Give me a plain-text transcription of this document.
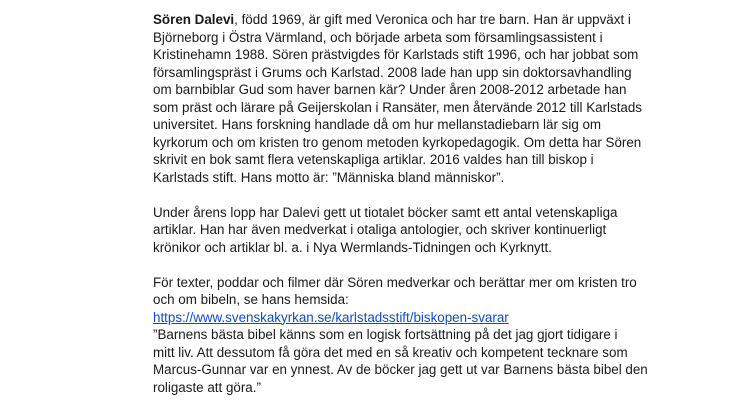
Sören Dalevi, född 1969, är gift med Veronica och har tre barn. Han är uppväxt i
Björneborg i Östra Värmland, och började arbeta som församlingsassistent i
Kristinehamn 1988. Sören prästvigdes för Karlstads stift 1996, och har jobbat som
församlingspräst i Grums och Karlstad. 2008 lade han upp sin doktorsavhandling
om barnbiblar Gud som haver barnen kär? Under åren 2008-2012 arbetade han
som präst och lärare på Geijerskolan i Ransäter, men återvände 2012 till Karlstads
universitet. Hans forskning handlade då om hur mellanstadiebarn lär sig om
kyrkorum och om kristen tro genom metoden kyrkopedagogik. Om detta har Sören
skrivit en bok samt flera vetenskapliga artiklar. 2016 valdes han till biskop i
Karlstads stift. Hans motto är: ”Människa bland människor”.
Under årens lopp har Dalevi gett ut tiotalet böcker samt ett antal vetenskapliga
artiklar. Han har även medverkat i otaliga antologier, och skriver kontinuerligt
krönikor och artiklar bl. a. i Nya Wermlands-Tidningen och Kyrknytt.
För texter, poddar och filmer där Sören medverkar och berättar mer om kristen tro
och om bibeln, se hans hemsida:
https://www.svenskakyrkan.se/karlstadsstift/biskopen-svarar
”Barnens bästa bibel känns som en logisk fortsättning på det jag gjort tidigare i
mitt liv. Att dessutom få göra det med en så kreativ och kompetent tecknare som
Marcus-Gunnar var en ynnest. Av de böcker jag gett ut var Barnens bästa bibel den
roligaste att göra.”
